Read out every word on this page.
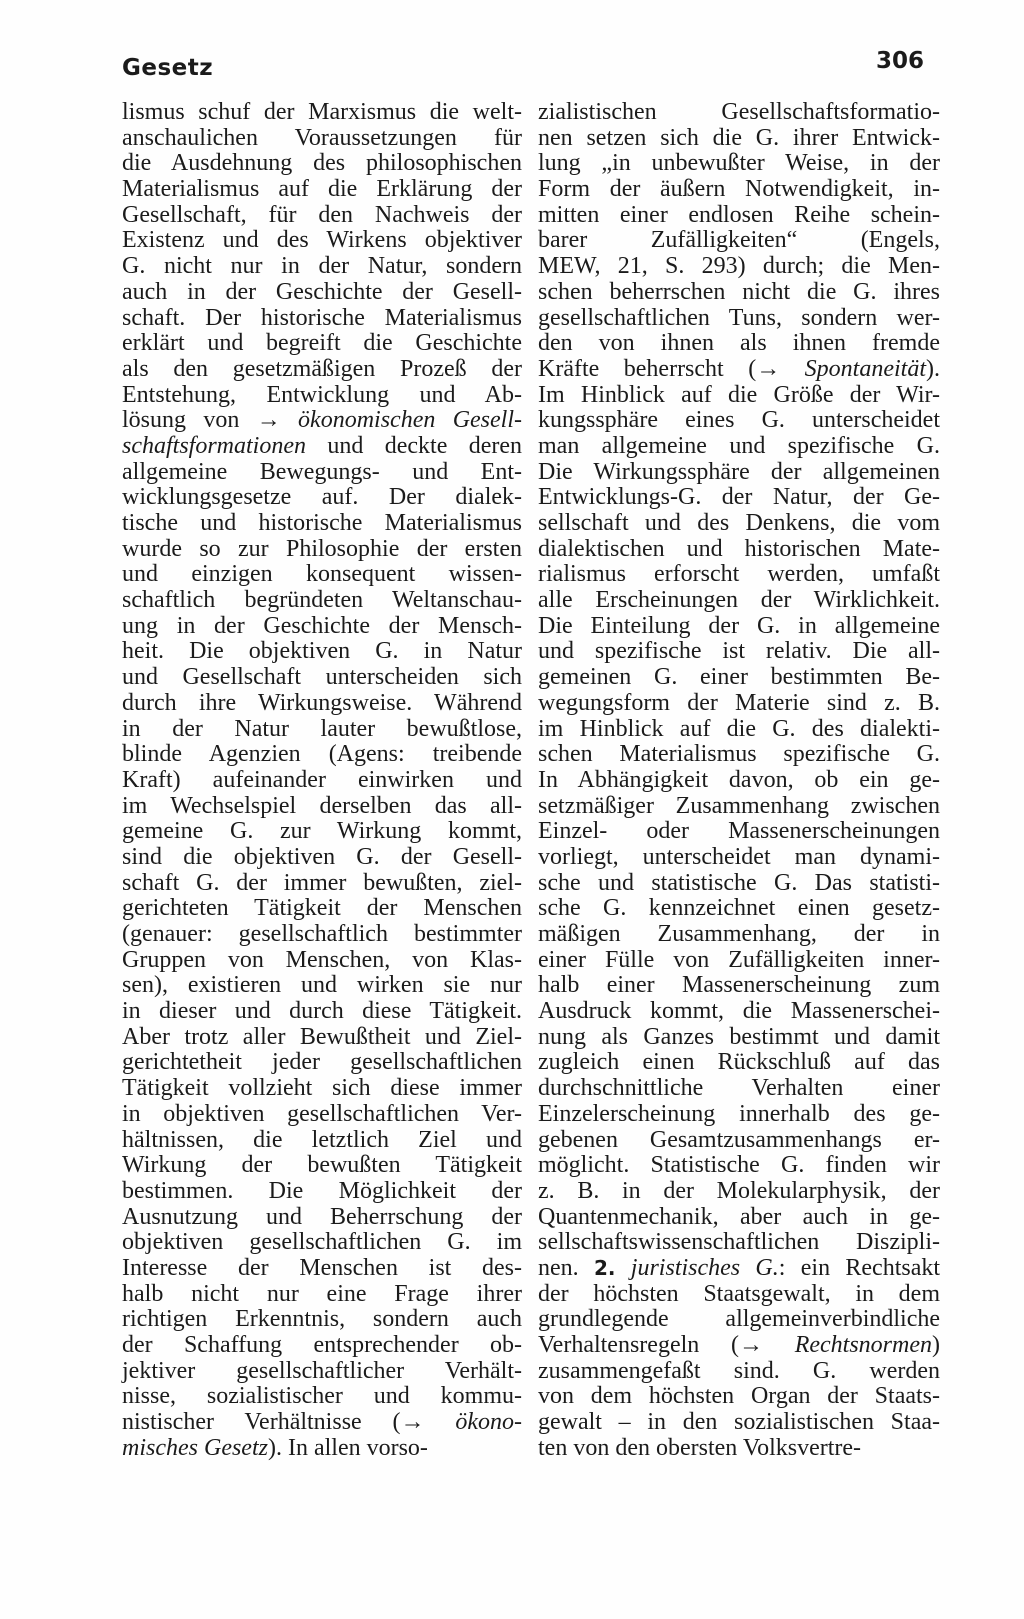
Gesetz	306
lismus schuf der Marxismus die welt-
anschaulichen Voraussetzungen für
die Ausdehnung des philosophischen
Materialismus auf die Erklärung der
Gesellschaft, für den Nachweis der
Existenz und des Wirkens objektiver
G. nicht nur in der Natur, sondern
auch in der Geschichte der Gesell-
schaft. Der historische Materialismus
erklärt und begreift die Geschichte
als den gesetzmäßigen Prozeß der
Entstehung, Entwicklung und Ab-
lösung von → ökonomischen Gesell-
schaftsformationen und deckte deren
allgemeine Bewegungs- und Ent-
wicklungsgesetze auf. Der dialek-
tische und historische Materialismus
wurde so zur Philosophie der ersten
und einzigen konsequent wissen-
schaftlich begründeten Weltanschau-
ung in der Geschichte der Mensch-
heit. Die objektiven G. in Natur
und Gesellschaft unterscheiden sich
durch ihre Wirkungsweise. Während
in der Natur lauter bewußtlose,
blinde Agenzien (Agens: treibende
Kraft) aufeinander einwirken und
im Wechselspiel derselben das all-
gemeine G. zur Wirkung kommt,
sind die objektiven G. der Gesell-
schaft G. der immer bewußten, ziel-
gerichteten Tätigkeit der Menschen
(genauer: gesellschaftlich bestimmter
Gruppen von Menschen, von Klas-
sen), existieren und wirken sie nur
in dieser und durch diese Tätigkeit.
Aber trotz aller Bewußtheit und Ziel-
gerichtetheit jeder gesellschaftlichen
Tätigkeit vollzieht sich diese immer
in objektiven gesellschaftlichen Ver-
hältnissen, die letztlich Ziel und
Wirkung der bewußten Tätigkeit
bestimmen. Die Möglichkeit der
Ausnutzung und Beherrschung der
objektiven gesellschaftlichen G. im
Interesse der Menschen ist des-
halb nicht nur eine Frage ihrer
richtigen Erkenntnis, sondern auch
der Schaffung entsprechender ob-
jektiver gesellschaftlicher Verhält-
nisse, sozialistischer und kommu-
nistischer Verhältnisse (→ ökono-
misches Gesetz). In allen vorso-
zialistischen Gesellschaftsformatio-
nen setzen sich die G. ihrer Entwick-
lung „in unbewußter Weise, in der
Form der äußern Notwendigkeit, in-
mitten einer endlosen Reihe schein-
barer Zufälligkeiten“ (Engels,
MEW, 21, S. 293) durch; die Men-
schen beherrschen nicht die G. ihres
gesellschaftlichen Tuns, sondern wer-
den von ihnen als ihnen fremde
Kräfte beherrscht (→ Spontaneität).
Im Hinblick auf die Größe der Wir-
kungssphäre eines G. unterscheidet
man allgemeine und spezifische G.
Die Wirkungssphäre der allgemeinen
Entwicklungs-G. der Natur, der Ge-
sellschaft und des Denkens, die vom
dialektischen und historischen Mate-
rialismus erforscht werden, umfaßt
alle Erscheinungen der Wirklichkeit.
Die Einteilung der G. in allgemeine
und spezifische ist relativ. Die all-
gemeinen G. einer bestimmten Be-
wegungsform der Materie sind z. B.
im Hinblick auf die G. des dialekti-
schen Materialismus spezifische G.
In Abhängigkeit davon, ob ein ge-
setzmäßiger Zusammenhang zwischen
Einzel- oder Massenerscheinungen
vorliegt, unterscheidet man dynami-
sche und statistische G. Das statisti-
sche G. kennzeichnet einen gesetz-
mäßigen Zusammenhang, der in
einer Fülle von Zufälligkeiten inner-
halb einer Massenerscheinung zum
Ausdruck kommt, die Massenerschei-
nung als Ganzes bestimmt und damit
zugleich einen Rückschluß auf das
durchschnittliche Verhalten einer
Einzelerscheinung innerhalb des ge-
gebenen Gesamtzusammenhangs er-
möglicht. Statistische G. finden wir
z. B. in der Molekularphysik, der
Quantenmechanik, aber auch in ge-
sellschaftswissenschaftlichen Diszipli-
nen. 2. juristisches G.: ein Rechtsakt
der höchsten Staatsgewalt, in dem
grundlegende allgemeinverbindliche
Verhaltensregeln (→ Rechtsnormen)
zusammengefaßt sind. G. werden
von dem höchsten Organ der Staats-
gewalt – in den sozialistischen Staa-
ten von den obersten Volksvertre-
